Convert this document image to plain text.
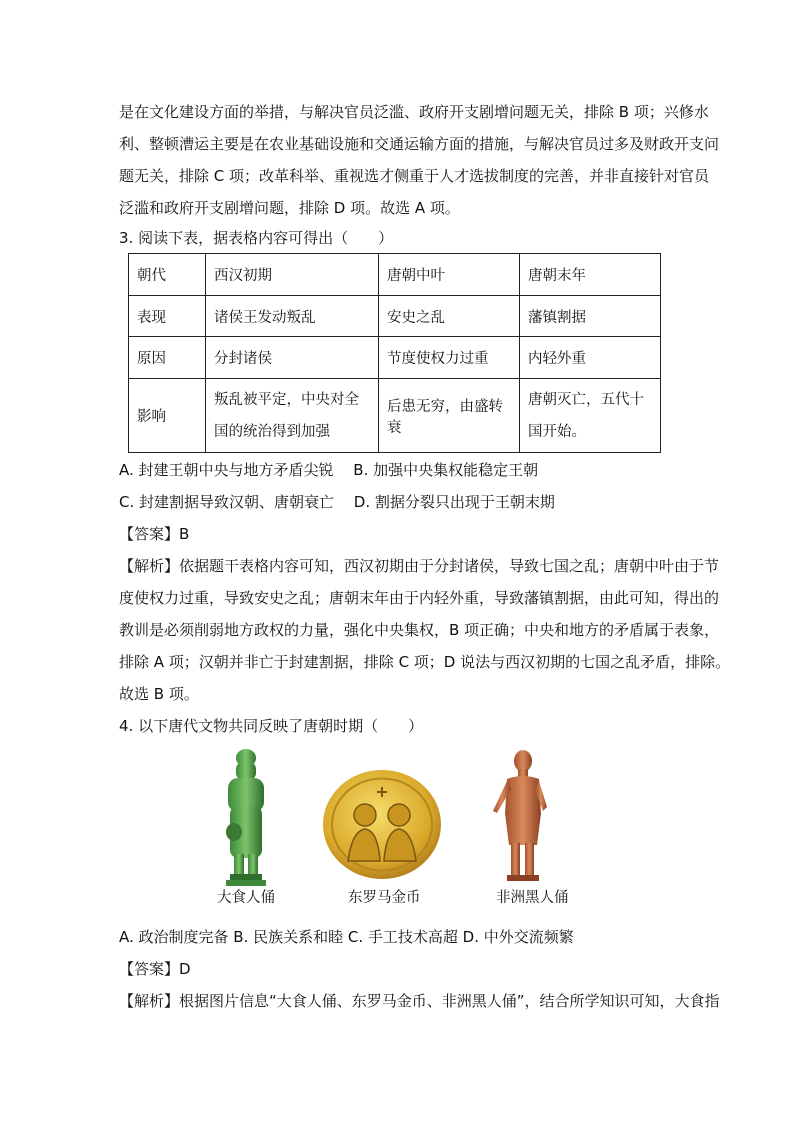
是在文化建设方面的举措，与解决官员泛滥、政府开支剧增问题无关，排除 B 项；兴修水
利、整顿漕运主要是在农业基础设施和交通运输方面的措施，与解决官员过多及财政开支问
题无关，排除 C 项；改革科举、重视选才侧重于人才选拔制度的完善，并非直接针对官员
泛滥和政府开支剧增问题，排除 D 项。故选 A 项。
3. 阅读下表，据表格内容可得出（　　）
朝代	西汉初期	唐朝中叶	唐朝末年
表现	诸侯王发动叛乱	安史之乱	藩镇割据
原因	分封诸侯	节度使权力过重	内轻外重
影响	叛乱被平定，中央对全国的统治得到加强	后患无穷，由盛转衰	唐朝灭亡，五代十国开始。
A. 封建王朝中央与地方矛盾尖锐　 B. 加强中央集权能稳定王朝
C. 封建割据导致汉朝、唐朝衰亡　 D. 割据分裂只出现于王朝末期
【答案】B
【解析】依据题干表格内容可知，西汉初期由于分封诸侯，导致七国之乱；唐朝中叶由于节
度使权力过重，导致安史之乱；唐朝末年由于内轻外重，导致藩镇割据，由此可知，得出的
教训是必须削弱地方政权的力量，强化中央集权，B 项正确；中央和地方的矛盾属于表象，
排除 A 项；汉朝并非亡于封建割据，排除 C 项；D 说法与西汉初期的七国之乱矛盾，排除。
故选 B 项。
4. 以下唐代文物共同反映了唐朝时期（　　）
大食人俑	东罗马金币	非洲黑人俑
A. 政治制度完备 B. 民族关系和睦 C. 手工技术高超 D. 中外交流频繁
【答案】D
【解析】根据图片信息“大食人俑、东罗马金币、非洲黑人俑”，结合所学知识可知，大食指
